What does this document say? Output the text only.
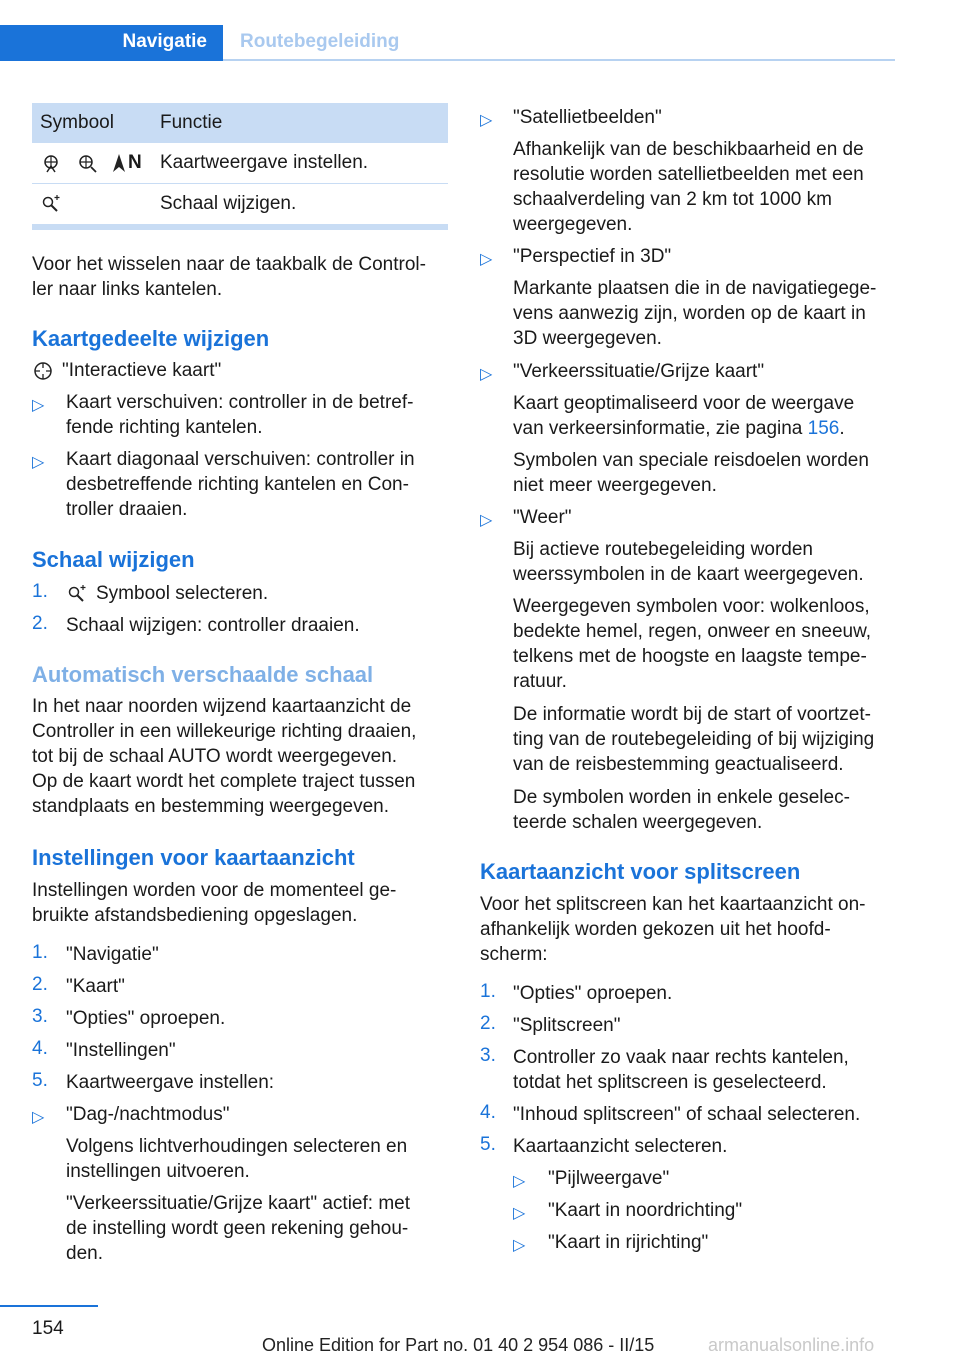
Navigatie	Routebegeleiding
Symbool	Functie
N Kaartweergave instellen.
Schaal wijzigen.
Voor het wisselen naar de taakbalk de Control-
ler naar links kantelen.
Kaartgedeelte wijzigen
"Interactieve kaart"
▷ Kaart verschuiven: controller in de betref-
fende richting kantelen.
▷ Kaart diagonaal verschuiven: controller in
desbetreffende richting kantelen en Con-
troller draaien.
Schaal wijzigen
1.	Symbool selecteren.
2. Schaal wijzigen: controller draaien.
Automatisch verschaalde schaal
In het naar noorden wijzend kaartaanzicht de
Controller in een willekeurige richting draaien,
tot bij de schaal AUTO wordt weergegeven.
Op de kaart wordt het complete traject tussen
standplaats en bestemming weergegeven.
Instellingen voor kaartaanzicht
Instellingen worden voor de momenteel ge-
bruikte afstandsbediening opgeslagen.
1. "Navigatie"
2. "Kaart"
3. "Opties" oproepen.
4. "Instellingen"
5. Kaartweergave instellen:
▷ "Dag-/nachtmodus"
Volgens lichtverhoudingen selecteren en
instellingen uitvoeren.
"Verkeerssituatie/Grijze kaart" actief: met
de instelling wordt geen rekening gehou-
den.
▷ "Satellietbeelden"
Afhankelijk van de beschikbaarheid en de
resolutie worden satellietbeelden met een
schaalverdeling van 2 km tot 1000 km
weergegeven.
▷ "Perspectief in 3D"
Markante plaatsen die in de navigatiegege-
vens aanwezig zijn, worden op de kaart in
3D weergegeven.
▷ "Verkeerssituatie/Grijze kaart"
Kaart geoptimaliseerd voor de weergave
van verkeersinformatie, zie pagina 156.
Symbolen van speciale reisdoelen worden
niet meer weergegeven.
▷ "Weer"
Bij actieve routebegeleiding worden
weerssymbolen in de kaart weergegeven.
Weergegeven symbolen voor: wolkenloos,
bedekte hemel, regen, onweer en sneeuw,
telkens met de hoogste en laagste tempe-
ratuur.
De informatie wordt bij de start of voortzet-
ting van de routebegeleiding of bij wijziging
van de reisbestemming geactualiseerd.
De symbolen worden in enkele geselec-
teerde schalen weergegeven.
Kaartaanzicht voor splitscreen
Voor het splitscreen kan het kaartaanzicht on-
afhankelijk worden gekozen uit het hoofd-
scherm:
1. "Opties" oproepen.
2. "Splitscreen"
3. Controller zo vaak naar rechts kantelen,
totdat het splitscreen is geselecteerd.
4. "Inhoud splitscreen" of schaal selecteren.
5. Kaartaanzicht selecteren.
▷ "Pijlweergave"
▷ "Kaart in noordrichting"
▷ "Kaart in rijrichting"
154
Online Edition for Part no. 01 40 2 954 086 - II/15	armanualsonline.info
